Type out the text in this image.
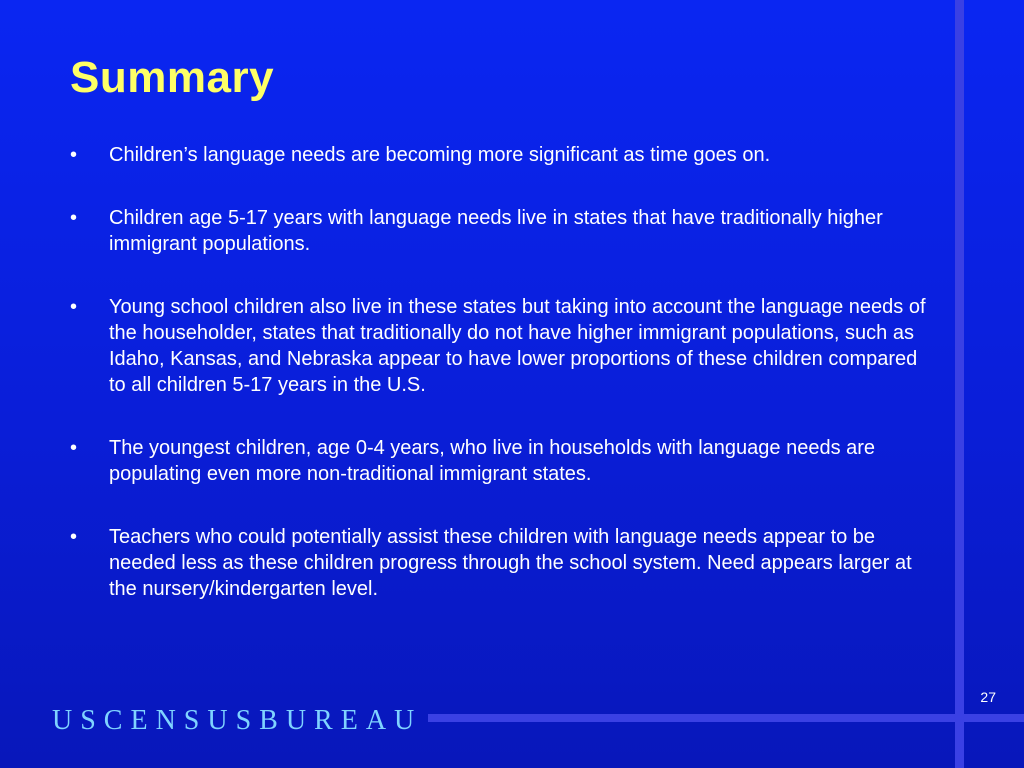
Summary
•	Children’s language needs are becoming more significant as time goes on.
•	Children age 5-17 years with language needs live in states that have traditionally higher immigrant populations.
•	Young school children also live in these states but taking into account the language needs of the householder, states that traditionally do not have higher immigrant populations, such as Idaho, Kansas, and Nebraska appear to have lower proportions of these children compared to all children 5-17 years in the U.S.
•	The youngest children, age 0-4 years, who live in households with language needs are populating even more non-traditional immigrant states.
•	Teachers who could potentially assist these children with language needs appear to be needed less as these children progress through the school system. Need appears larger at the nursery/kindergarten level.
27
USCENSUSBUREAU
